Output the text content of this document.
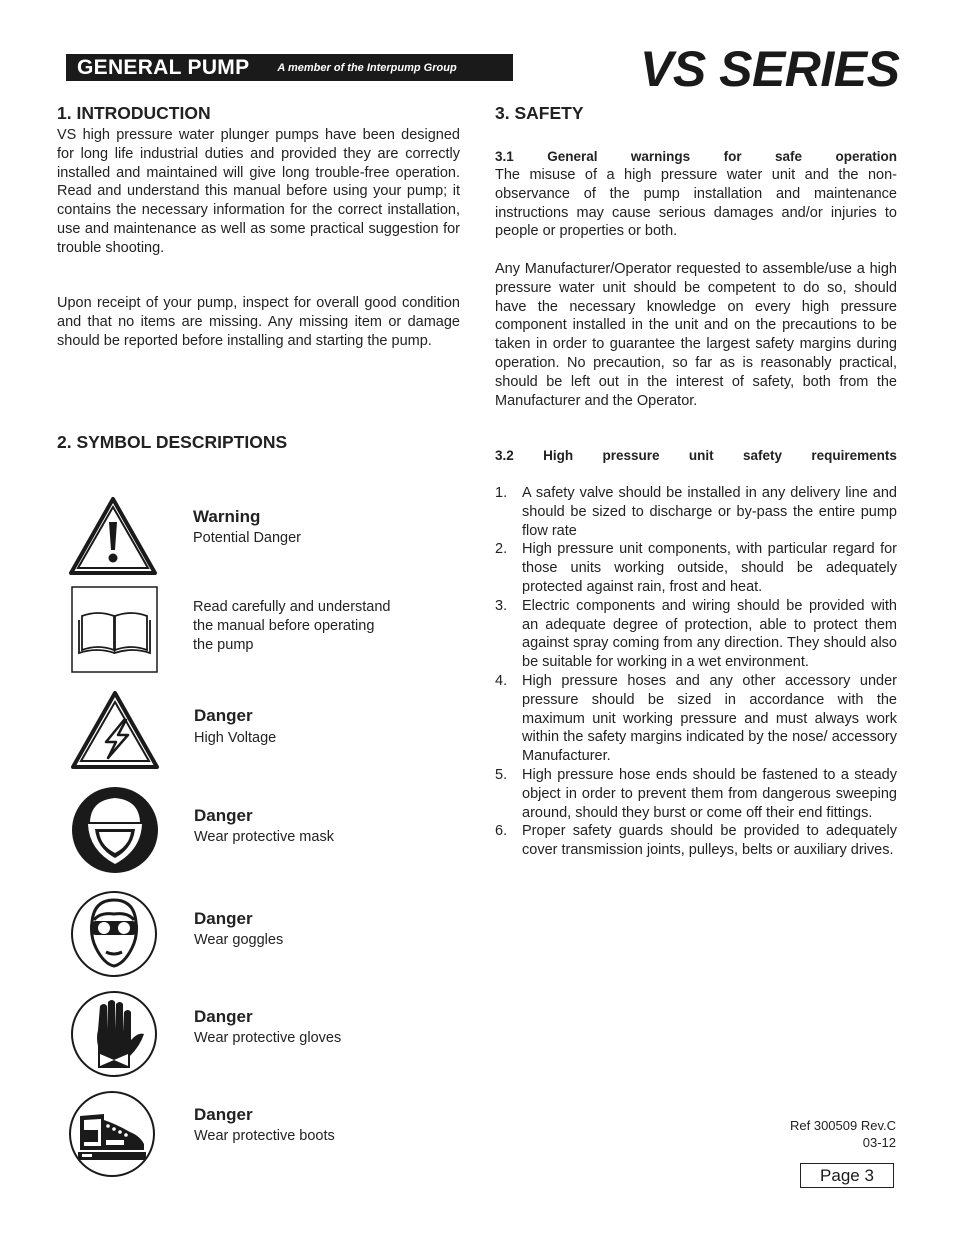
GENERAL PUMP	A member of the Interpump Group	VS SERIES
1. INTRODUCTION
VS high pressure water plunger pumps have been designed for long life industrial duties and provided they are correctly installed and maintained will give long trouble-free operation. Read and understand this manual before using your pump; it contains the necessary information for the correct installation, use and maintenance as well as some practical suggestion for trouble shooting.
Upon receipt of your pump, inspect for overall good condition and that no items are missing. Any missing item or damage should be reported before installing and starting the pump.
2. SYMBOL DESCRIPTIONS
Warning
Potential Danger
Read carefully and understand
the manual before operating
the pump
Danger
High Voltage
Danger
Wear protective mask
Danger
Wear goggles
Danger
Wear protective gloves
Danger
Wear protective boots
3. SAFETY
3.1 General warnings for safe operation
The misuse of a high pressure water unit and the non-observance of the pump installation and maintenance instructions may cause serious damages and/or injuries to people or properties or both.
Any Manufacturer/Operator requested to assemble/use a high pressure water unit should be competent to do so, should have the necessary knowledge on every high pressure component installed in the unit and on the precautions to be taken in order to guarantee the largest safety margins during operation. No precaution, so far as is reasonably practical, should be left out in the interest of safety, both from the Manufacturer and the Operator.
3.2 High pressure unit safety requirements
1. A safety valve should be installed in any delivery line and should be sized to discharge or by-pass the entire pump flow rate
2. High pressure unit components, with particular regard for those units working outside, should be adequately protected against rain, frost and heat.
3. Electric components and wiring should be provided with an adequate degree of protection, able to protect them against spray coming from any direction. They should also be suitable for working in a wet environment.
4. High pressure hoses and any other accessory under pressure should be sized in accordance with the maximum unit working pressure and must always work within the safety margins indicated by the nose/ accessory Manufacturer.
5. High pressure hose ends should be fastened to a steady object in order to prevent them from dangerous sweeping around, should they burst or come off their end fittings.
6. Proper safety guards should be provided to adequately cover transmission joints, pulleys, belts or auxiliary drives.
Ref 300509 Rev.C
03-12
Page 3
